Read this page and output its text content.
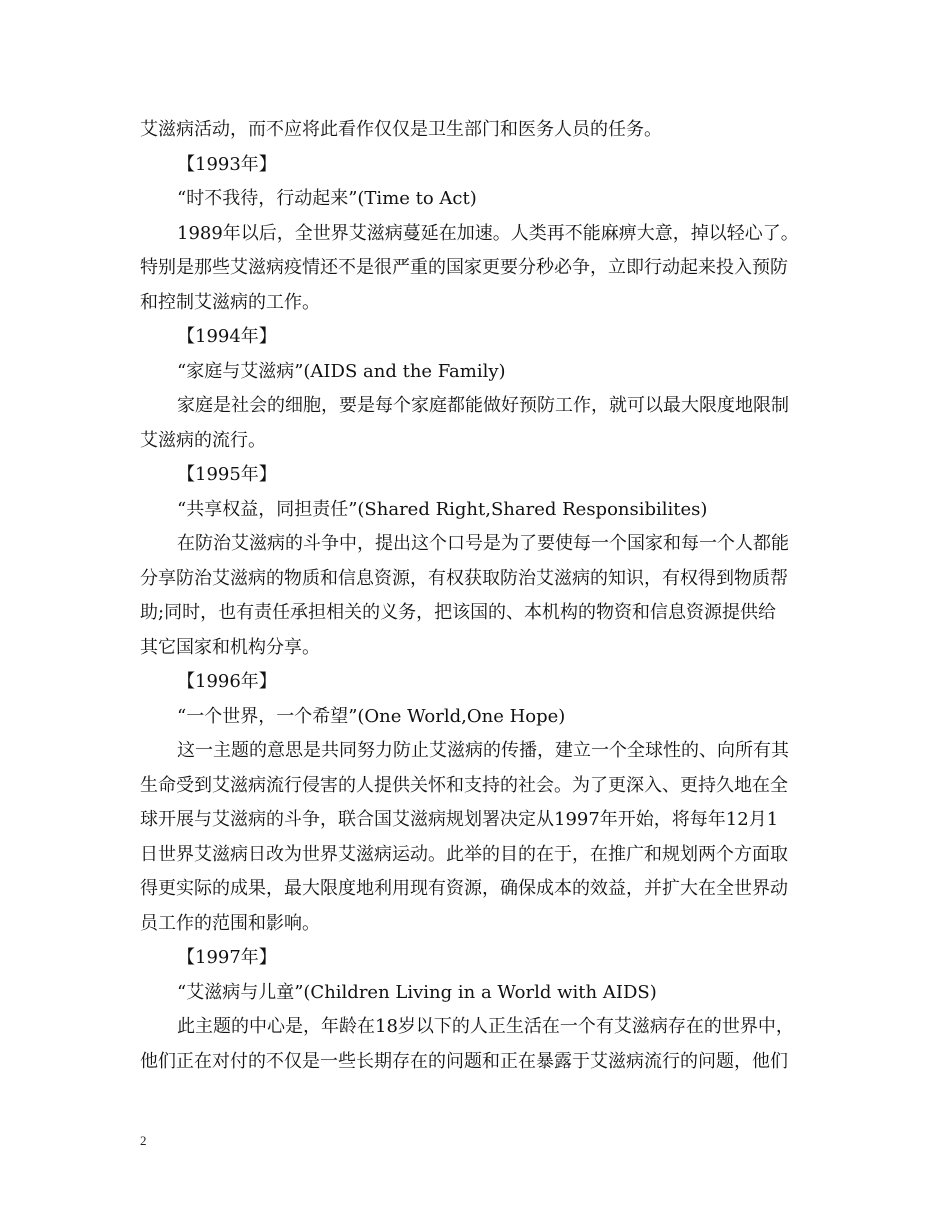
艾滋病活动，而不应将此看作仅仅是卫生部门和医务人员的任务。
【1993年】
“时不我待，行动起来”(Time to Act)
1989年以后，全世界艾滋病蔓延在加速。人类再不能麻痹大意，掉以轻心了。
特别是那些艾滋病疫情还不是很严重的国家更要分秒必争，立即行动起来投入预防
和控制艾滋病的工作。
【1994年】
“家庭与艾滋病”(AIDS and the Family)
家庭是社会的细胞，要是每个家庭都能做好预防工作，就可以最大限度地限制
艾滋病的流行。
【1995年】
“共享权益，同担责任”(Shared Right,Shared Responsibilites)
在防治艾滋病的斗争中，提出这个口号是为了要使每一个国家和每一个人都能
分享防治艾滋病的物质和信息资源，有权获取防治艾滋病的知识，有权得到物质帮
助;同时，也有责任承担相关的义务，把该国的、本机构的物资和信息资源提供给
其它国家和机构分享。
【1996年】
“一个世界，一个希望”(One World,One Hope)
这一主题的意思是共同努力防止艾滋病的传播，建立一个全球性的、向所有其
生命受到艾滋病流行侵害的人提供关怀和支持的社会。为了更深入、更持久地在全
球开展与艾滋病的斗争，联合国艾滋病规划署决定从1997年开始，将每年12月1
日世界艾滋病日改为世界艾滋病运动。此举的目的在于，在推广和规划两个方面取
得更实际的成果，最大限度地利用现有资源，确保成本的效益，并扩大在全世界动
员工作的范围和影响。
【1997年】
“艾滋病与儿童”(Children Living in a World with AIDS)
此主题的中心是，年龄在18岁以下的人正生活在一个有艾滋病存在的世界中，
他们正在对付的不仅是一些长期存在的问题和正在暴露于艾滋病流行的问题，他们
2
